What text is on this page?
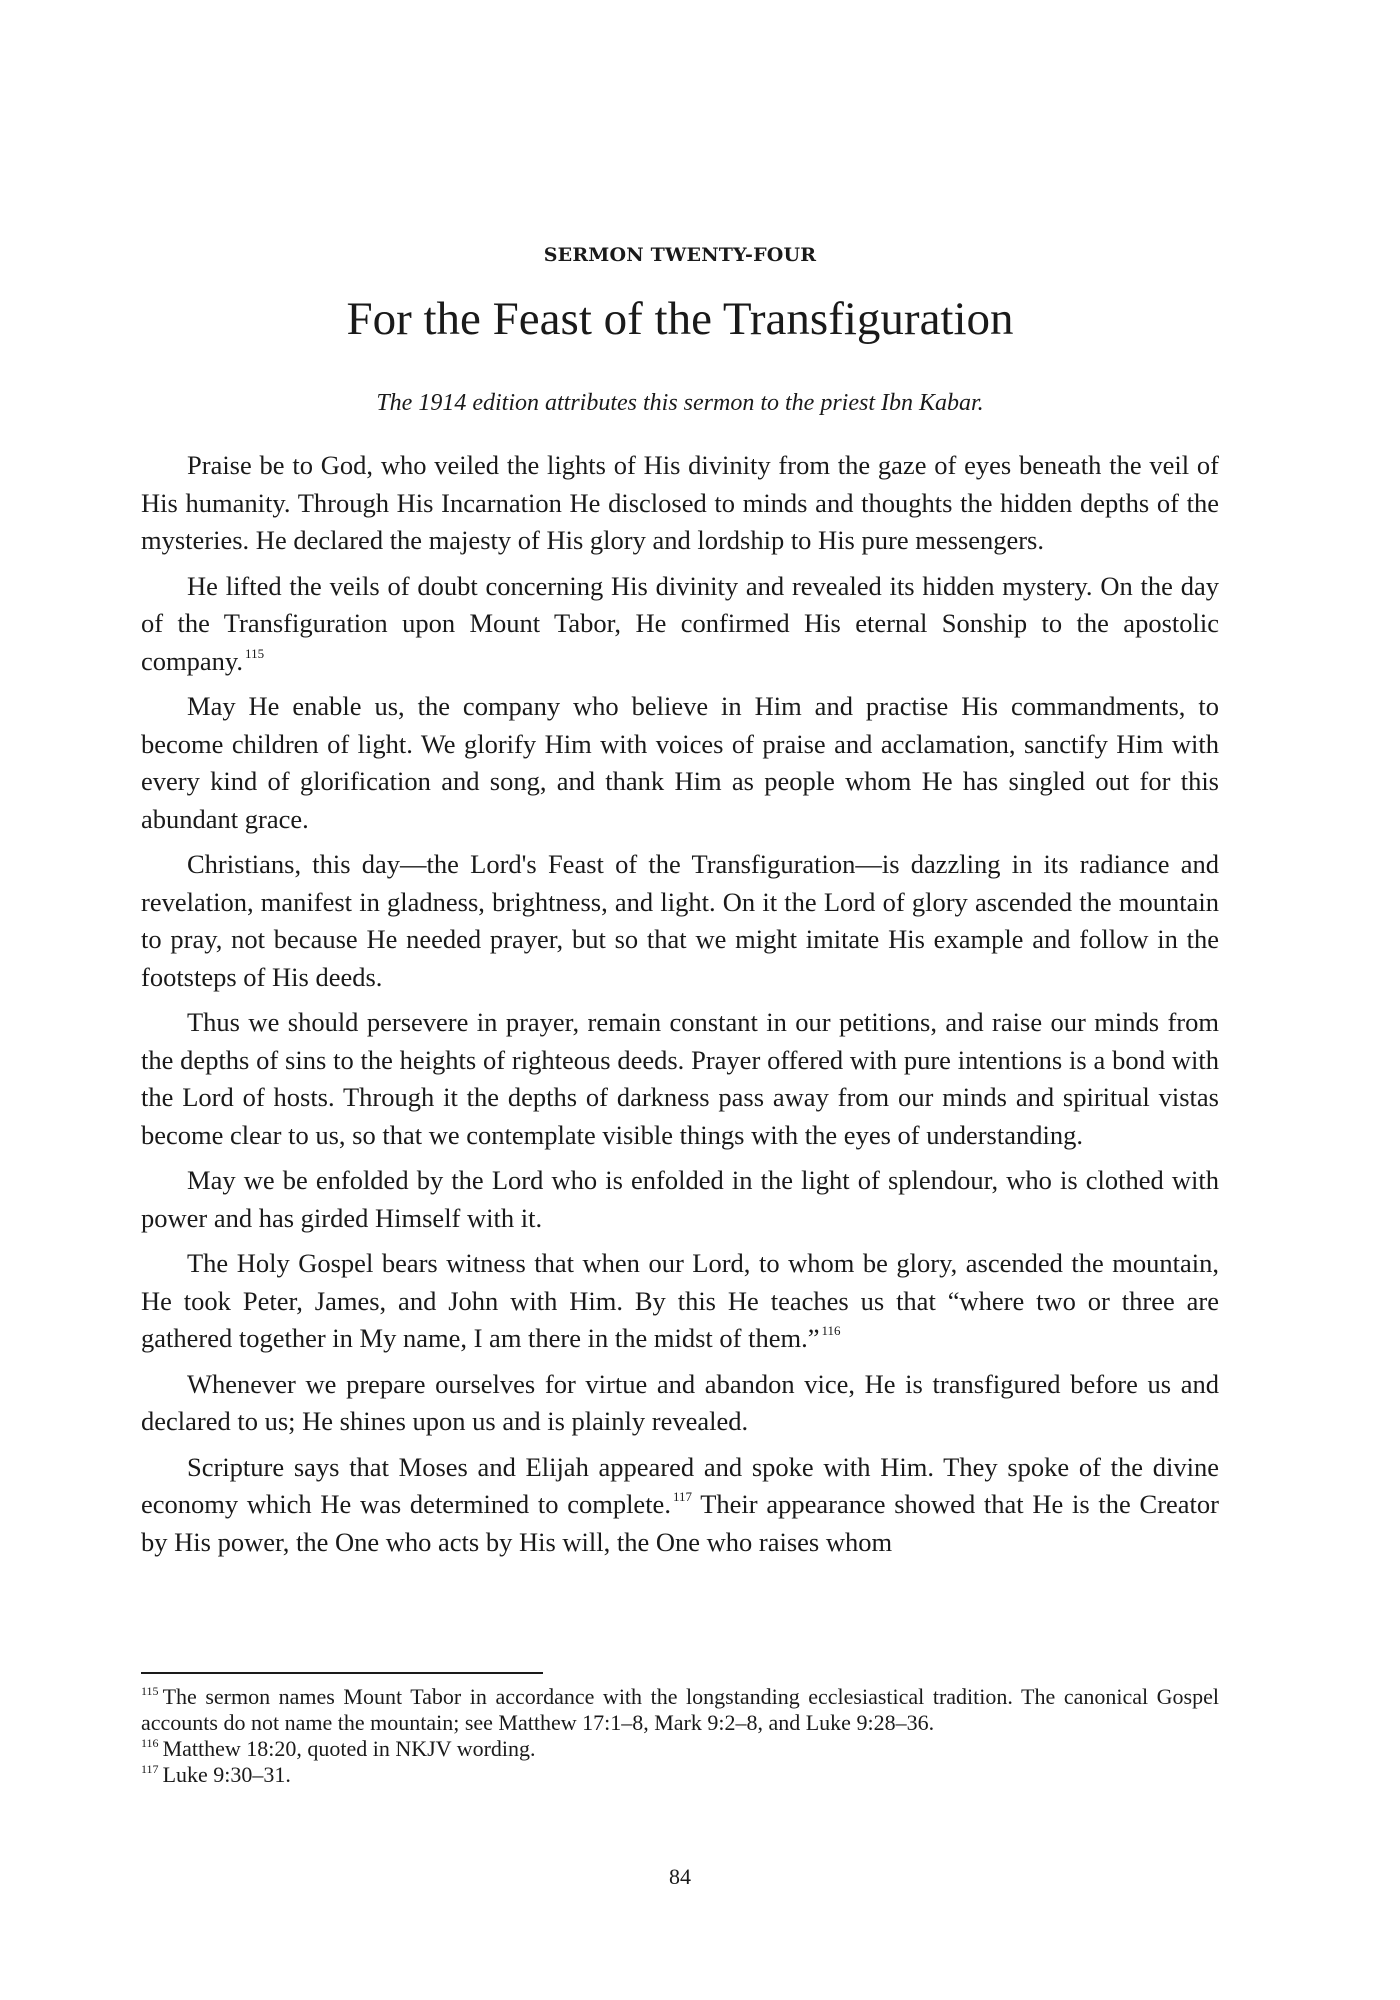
SERMON TWENTY-FOUR
For the Feast of the Transfiguration
The 1914 edition attributes this sermon to the priest Ibn Kabar.

Praise be to God, who veiled the lights of His divinity from the gaze of eyes beneath the veil of His humanity. Through His Incarnation He disclosed to minds and thoughts the hidden depths of the mysteries. He declared the majesty of His glory and lordship to His pure messengers.

He lifted the veils of doubt concerning His divinity and revealed its hidden mystery. On the day of the Transfiguration upon Mount Tabor, He confirmed His eternal Sonship to the apostolic company. $^{115}$

May He enable us, the company who believe in Him and practise His commandments, to become children of light. We glorify Him with voices of praise and acclamation, sanctify Him with every kind of glorification and song, and thank Him as people whom He has singled out for this abundant grace.

Christians, this day—the Lord's Feast of the Transfiguration—is dazzling in its radiance and revelation, manifest in gladness, brightness, and light. On it the Lord of glory ascended the mountain to pray, not because He needed prayer, but so that we might imitate His example and follow in the footsteps of His deeds.

Thus we should persevere in prayer, remain constant in our petitions, and raise our minds from the depths of sins to the heights of righteous deeds. Prayer offered with pure intentions is a bond with the Lord of hosts. Through it the depths of darkness pass away from our minds and spiritual vistas become clear to us, so that we contemplate visible things with the eyes of understanding.

May we be enfolded by the Lord who is enfolded in the light of splendour, who is clothed with power and has girded Himself with it.

The Holy Gospel bears witness that when our Lord, to whom be glory, ascended the mountain, He took Peter, James, and John with Him. By this He teaches us that “where two or three are gathered together in My name, I am there in the midst of them.” $^{116}$

Whenever we prepare ourselves for virtue and abandon vice, He is transfigured before us and declared to us; He shines upon us and is plainly revealed.

Scripture says that Moses and Elijah appeared and spoke with Him. They spoke of the divine economy which He was determined to complete. $^{117}$ Their appearance showed that He is the Creator by His power, the One who acts by His will, the One who raises whom

$^{115}$ The sermon names Mount Tabor in accordance with the longstanding ecclesiastical tradition. The canonical Gospel accounts do not name the mountain; see Matthew 17:1–8, Mark 9:2–8, and Luke 9:28–36.

$^{116}$ Matthew 18:20, quoted in NKJV wording.

$^{117}$ Luke 9:30–31.

84
